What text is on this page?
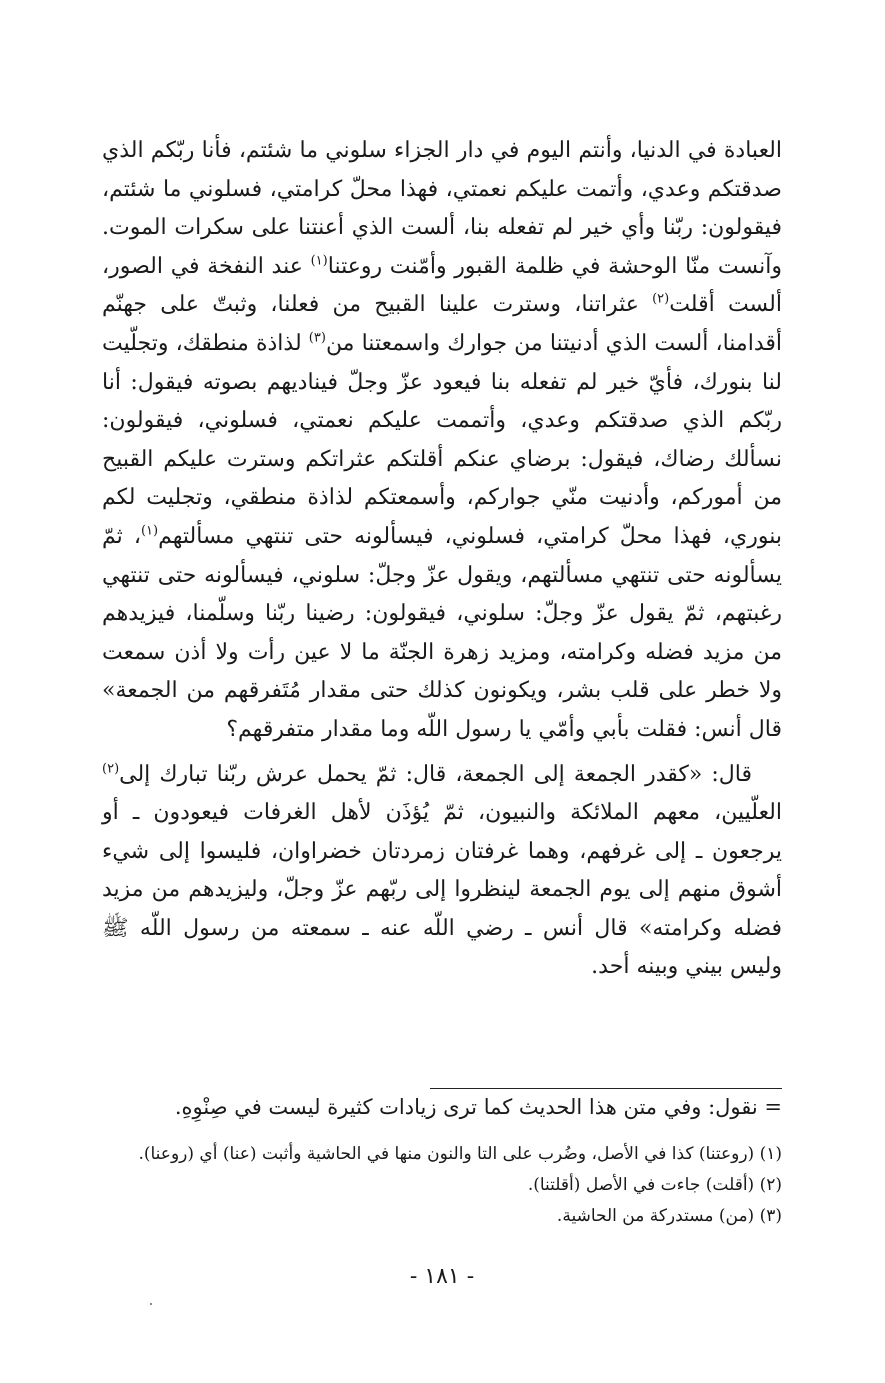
العبادة في الدنيا، وأنتم اليوم في دار الجزاء سلوني ما شئتم، فأنا ربّكم الذي صدقتكم وعدي، وأتمت عليكم نعمتي، فهذا محلّ كرامتي، فسلوني ما شئتم، فيقولون: ربّنا وأي خير لم تفعله بنا، ألست الذي أعنتنا على سكرات الموت. وآنست منّا الوحشة في ظلمة القبور وأمّنت روعتنا$^{(١)}$ عند النفخة في الصور، ألست أقلت$^{(٢)}$ عثراتنا، وسترت علينا القبيح من فعلنا، وثبتّ على جهنّم أقدامنا، ألست الذي أدنيتنا من جوارك واسمعتنا من$^{(٣)}$ لذاذة منطقك، وتجلّيت لنا بنورك، فأيّ خير لم تفعله بنا فيعود عزّ وجلّ فيناديهم بصوته فيقول: أنا ربّكم الذي صدقتكم وعدي، وأتممت عليكم نعمتي، فسلوني، فيقولون: نسألك رضاك، فيقول: برضاي عنكم أقلتكم عثراتكم وسترت عليكم القبيح من أموركم، وأدنيت منّي جواركم، وأسمعتكم لذاذة منطقي، وتجليت لكم بنوري، فهذا محلّ كرامتي، فسلوني، فيسألونه حتى تنتهي مسألتهم$^{(١)}$، ثمّ يسألونه حتى تنتهي مسألتهم، ويقول عزّ وجلّ: سلوني، فيسألونه حتى تنتهي رغبتهم، ثمّ يقول عزّ وجلّ: سلوني، فيقولون: رضينا ربّنا وسلّمنا، فيزيدهم من مزيد فضله وكرامته، ومزيد زهرة الجنّة ما لا عين رأت ولا أذن سمعت ولا خطر على قلب بشر، ويكونون كذلك حتى مقدار مُتَفرقهم من الجمعة» قال أنس: فقلت بأبي وأمّي يا رسول اللّه وما مقدار متفرقهم؟

قال: «كقدر الجمعة إلى الجمعة، قال: ثمّ يحمل عرش ربّنا تبارك إلى$^{(٢)}$ العلّيين، معهم الملائكة والنبيون، ثمّ يُؤذَن لأهل الغرفات فيعودون ـ أو يرجعون ـ إلى غرفهم، وهما غرفتان زمردتان خضراوان، فليسوا إلى شيء أشوق منهم إلى يوم الجمعة لينظروا إلى ربّهم عزّ وجلّ، وليزيدهم من مزيد فضله وكرامته» قال أنس ـ رضي اللّه عنه ـ سمعته من رسول اللّه ﷺ وليس بيني وبينه أحد.

= نقول: وفي متن هذا الحديث كما ترى زيادات كثيرة ليست في صِنْوِهِ.
(١) (روعتنا) كذا في الأصل، وضُرب على التا والنون منها في الحاشية وأثبت (عنا) أي (روعنا).
(٢) (أقلت) جاءت في الأصل (أقلتنا).
(٣) (من) مستدركة من الحاشية.
- ١٨١ -
